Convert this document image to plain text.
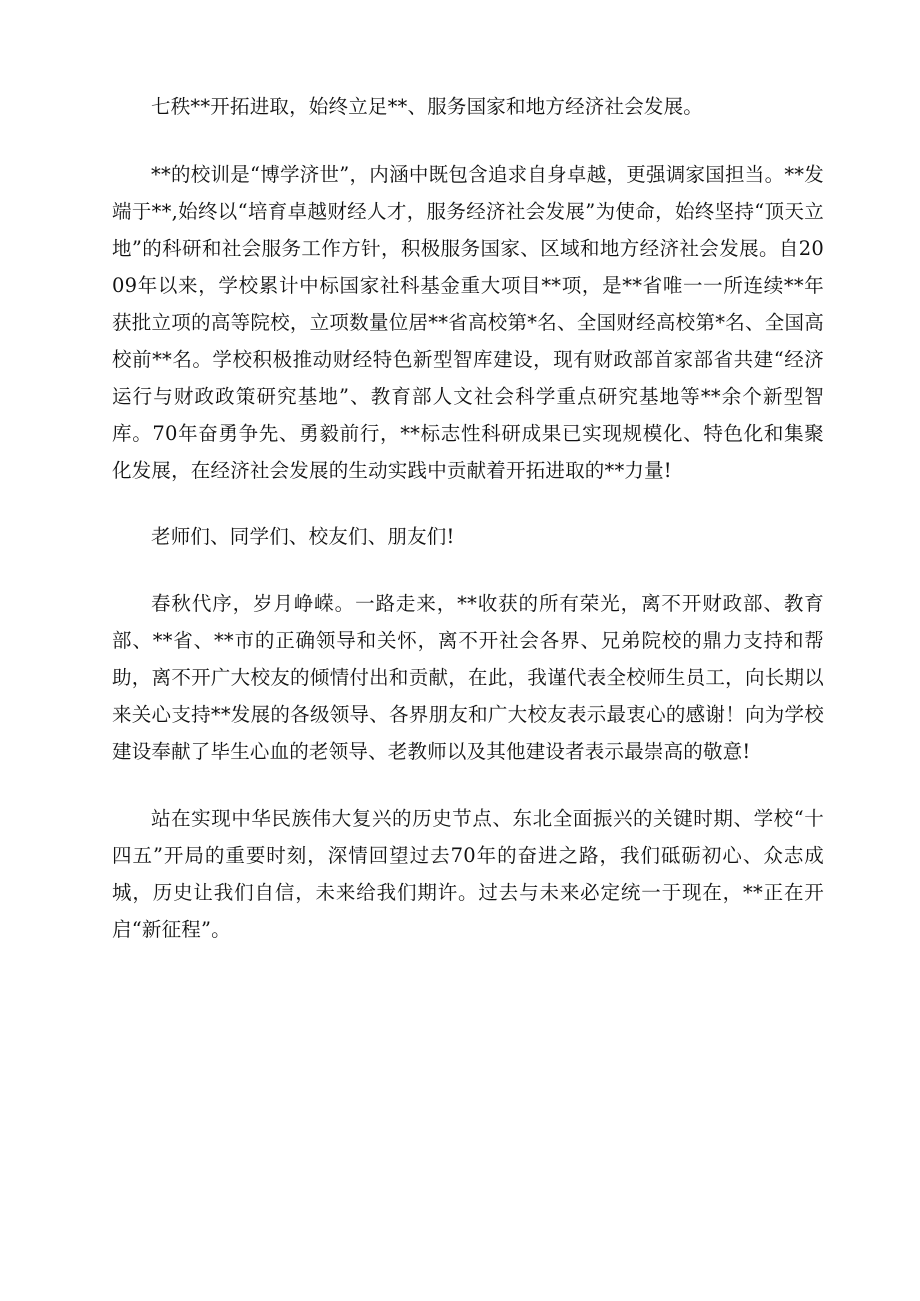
七秩**开拓进取，始终立足**、服务国家和地方经济社会发展。

**的校训是“博学济世”，内涵中既包含追求自身卓越，更强调家国担当。**发端于**,始终以“培育卓越财经人才，服务经济社会发展”为使命，始终坚持“顶天立地”的科研和社会服务工作方针，积极服务国家、区域和地方经济社会发展。自2009年以来，学校累计中标国家社科基金重大项目**项，是**省唯一一所连续**年获批立项的高等院校，立项数量位居**省高校第*名、全国财经高校第*名、全国高校前**名。学校积极推动财经特色新型智库建设，现有财政部首家部省共建“经济运行与财政政策研究基地”、教育部人文社会科学重点研究基地等**余个新型智库。70年奋勇争先、勇毅前行，**标志性科研成果已实现规模化、特色化和集聚化发展，在经济社会发展的生动实践中贡献着开拓进取的**力量!

老师们、同学们、校友们、朋友们!

春秋代序，岁月峥嵘。一路走来，**收获的所有荣光，离不开财政部、教育部、**省、**市的正确领导和关怀，离不开社会各界、兄弟院校的鼎力支持和帮助，离不开广大校友的倾情付出和贡献，在此，我谨代表全校师生员工，向长期以来关心支持**发展的各级领导、各界朋友和广大校友表示最衷心的感谢！向为学校建设奉献了毕生心血的老领导、老教师以及其他建设者表示最崇高的敬意!

站在实现中华民族伟大复兴的历史节点、东北全面振兴的关键时期、学校“十四五”开局的重要时刻，深情回望过去70年的奋进之路，我们砥砺初心、众志成城，历史让我们自信，未来给我们期许。过去与未来必定统一于现在，**正在开启“新征程”。
